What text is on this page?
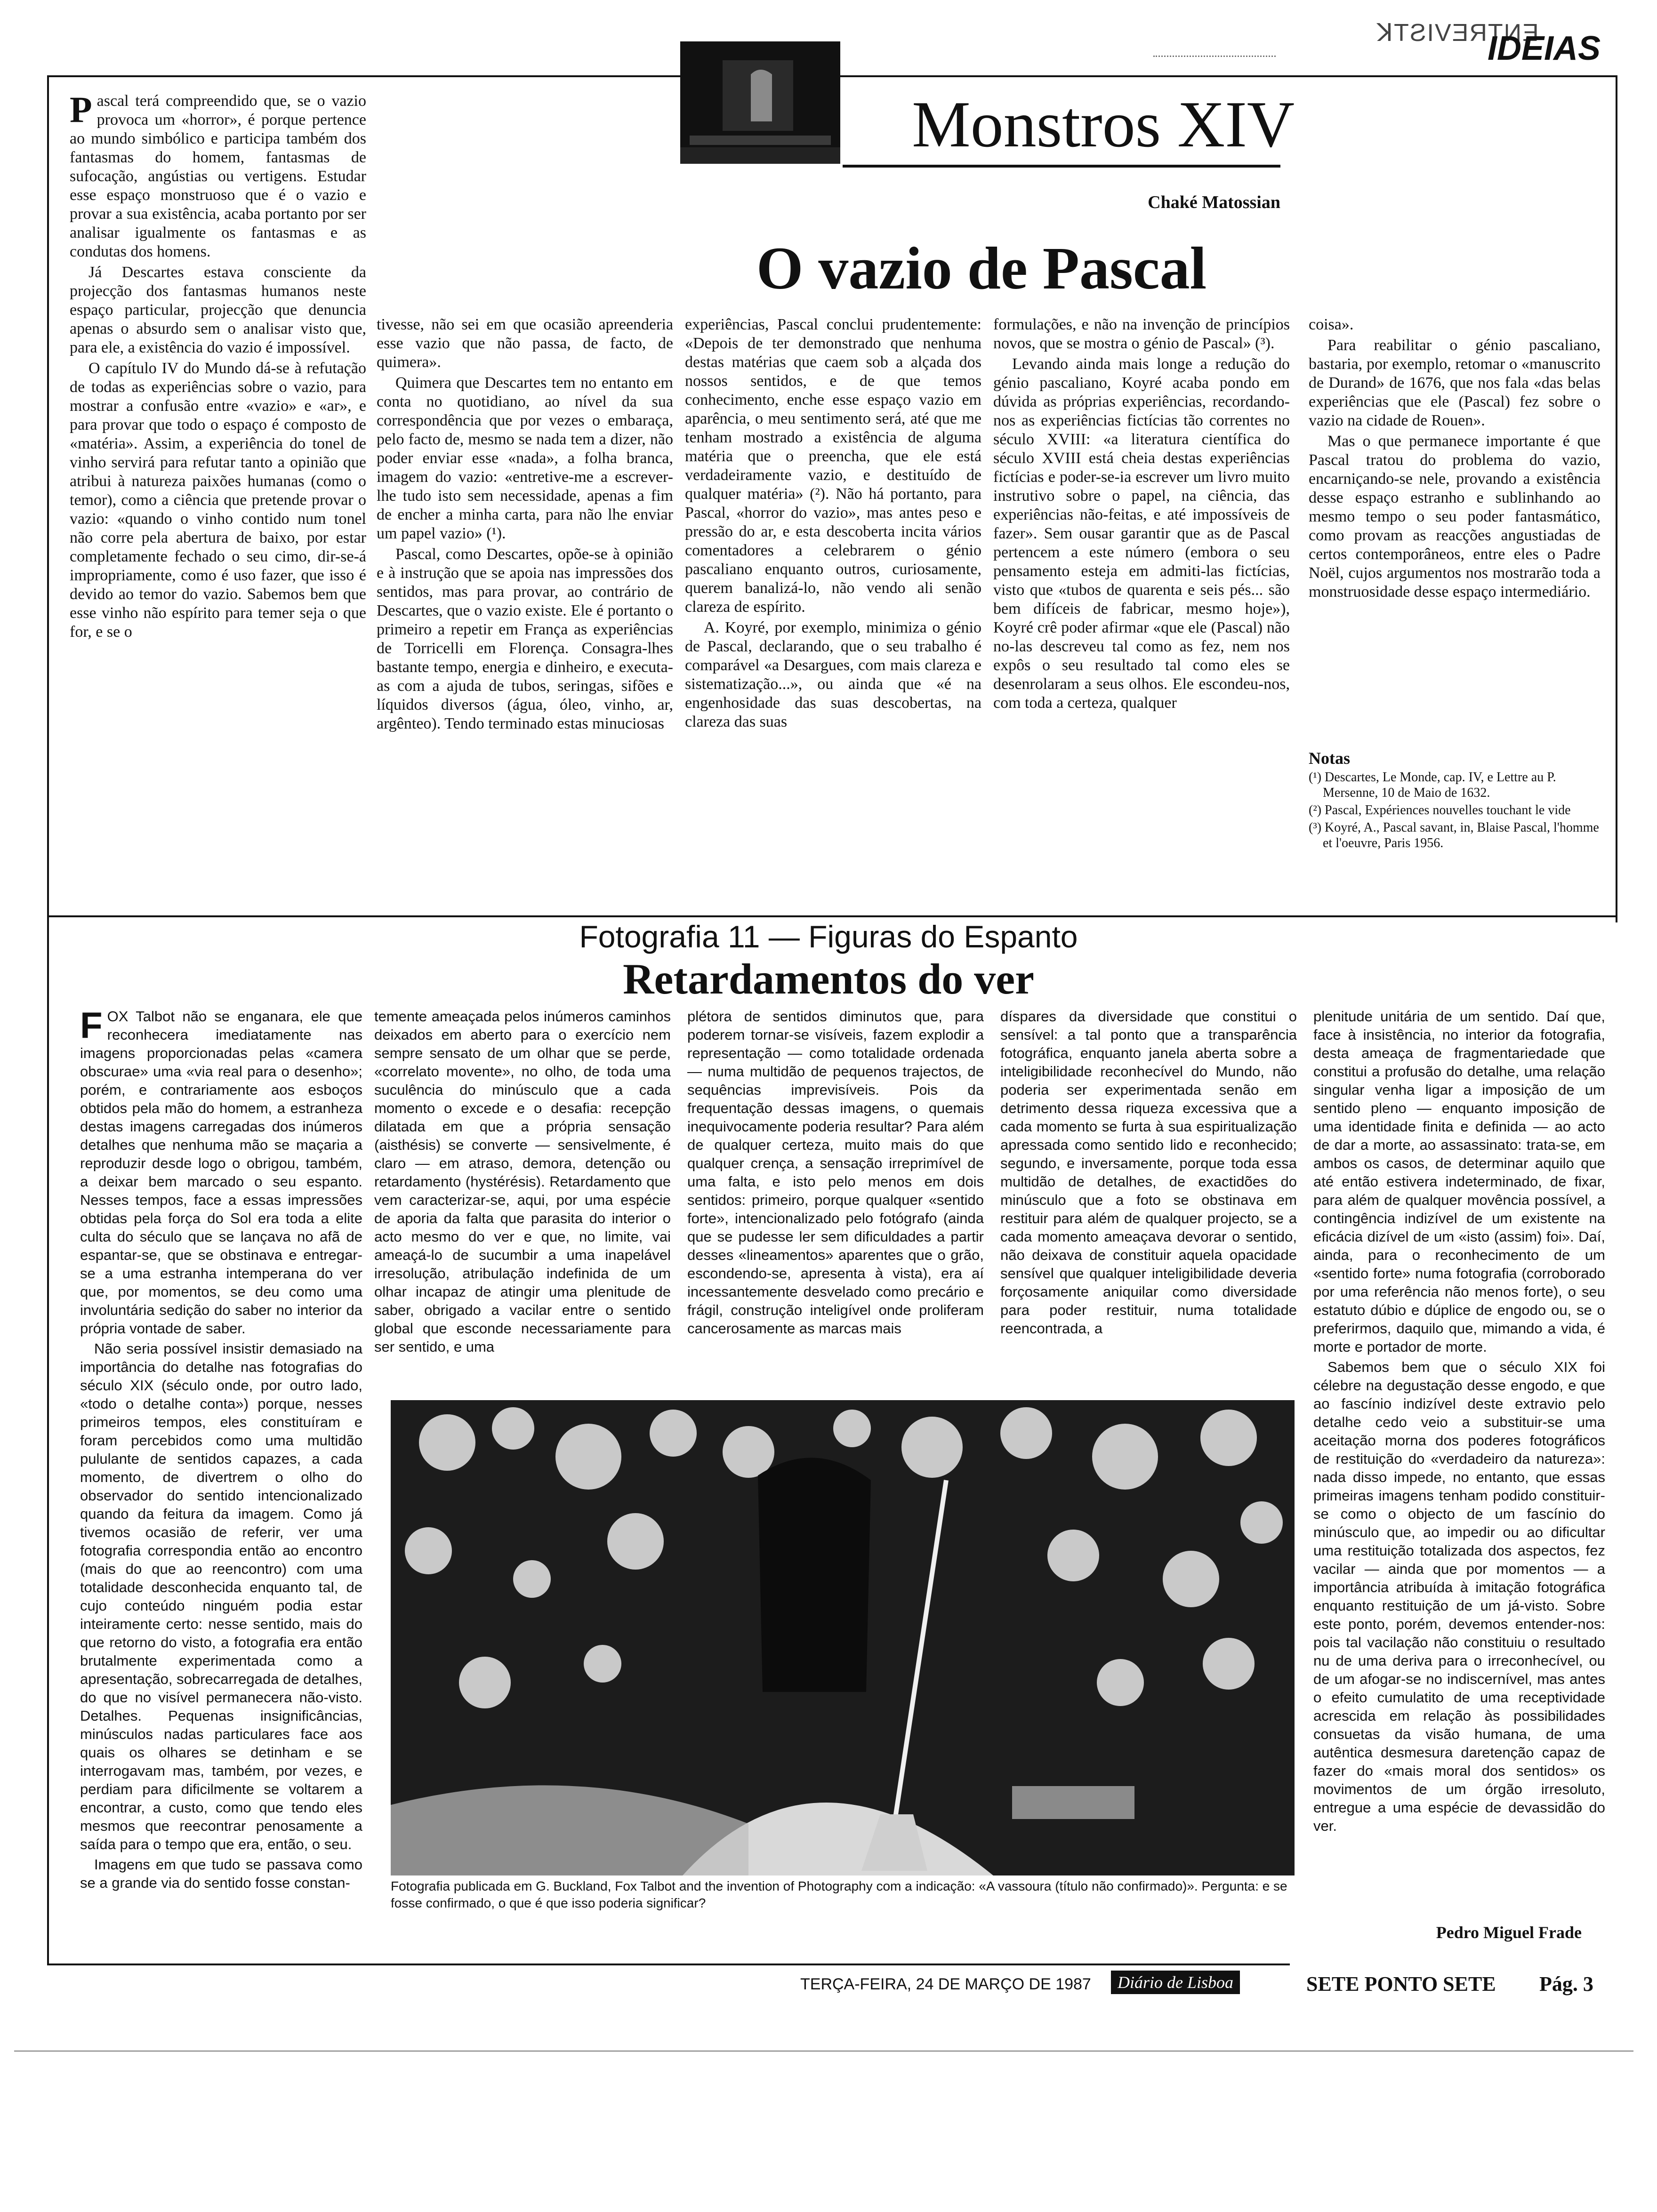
ꓘTƧIVƎЯTИƎ
IDEIAS
Monstros XIV
Chaké Matossian
O vazio de Pascal

Pascal terá compreendido que, se o vazio provoca um «horror», é porque pertence ao mundo simbólico e participa também dos fantasmas do homem, fantasmas de sufocação, angústias ou vertigens. Estudar esse espaço monstruoso que é o vazio e provar a sua existência, acaba portanto por ser analisar igualmente os fantasmas e as condutas dos homens.

Já Descartes estava consciente da projecção dos fantasmas humanos neste espaço particular, projecção que denuncia apenas o absurdo sem o analisar visto que, para ele, a existência do vazio é impossível.

O capítulo IV do Mundo dá-se à refutação de todas as experiências sobre o vazio, para mostrar a confusão entre «vazio» e «ar», e para provar que todo o espaço é composto de «matéria». Assim, a experiência do tonel de vinho servirá para refutar tanto a opinião que atribui à natureza paixões humanas (como o temor), como a ciência que pretende provar o vazio: «quando o vinho contido num tonel não corre pela abertura de baixo, por estar completamente fechado o seu cimo, dir-se-á impropriamente, como é uso fazer, que isso é devido ao temor do vazio. Sabemos bem que esse vinho não espírito para temer seja o que for, e se o

tivesse, não sei em que ocasião apreenderia esse vazio que não passa, de facto, de quimera».

Quimera que Descartes tem no entanto em conta no quotidiano, ao nível da sua correspondência que por vezes o embaraça, pelo facto de, mesmo se nada tem a dizer, não poder enviar esse «nada», a folha branca, imagem do vazio: «entretive-me a escrever-lhe tudo isto sem necessidade, apenas a fim de encher a minha carta, para não lhe enviar um papel vazio» (¹).

Pascal, como Descartes, opõe-se à opinião e à instrução que se apoia nas impressões dos sentidos, mas para provar, ao contrário de Descartes, que o vazio existe. Ele é portanto o primeiro a repetir em França as experiências de Torricelli em Florença. Consagra-lhes bastante tempo, energia e dinheiro, e executa-as com a ajuda de tubos, seringas, sifões e líquidos diversos (água, óleo, vinho, ar, argênteo). Tendo terminado estas minuciosas

experiências, Pascal conclui prudentemente: «Depois de ter demonstrado que nenhuma destas matérias que caem sob a alçada dos nossos sentidos, e de que temos conhecimento, enche esse espaço vazio em aparência, o meu sentimento será, até que me tenham mostrado a existência de alguma matéria que o preencha, que ele está verdadeiramente vazio, e destituído de qualquer matéria» (²). Não há portanto, para Pascal, «horror do vazio», mas antes peso e pressão do ar, e esta descoberta incita vários comentadores a celebrarem o génio pascaliano enquanto outros, curiosamente, querem banalizá-lo, não vendo ali senão clareza de espírito.

A. Koyré, por exemplo, minimiza o génio de Pascal, declarando, que o seu trabalho é comparável «a Desargues, com mais clareza e sistematização...», ou ainda que «é na engenhosidade das suas descobertas, na clareza das suas

formulações, e não na invenção de princípios novos, que se mostra o génio de Pascal» (³).

Levando ainda mais longe a redução do génio pascaliano, Koyré acaba pondo em dúvida as próprias experiências, recordando-nos as experiências fictícias tão correntes no século XVIII: «a literatura científica do século XVIII está cheia destas experiências fictícias e poder-se-ia escrever um livro muito instrutivo sobre o papel, na ciência, das experiências não-feitas, e até impossíveis de fazer». Sem ousar garantir que as de Pascal pertencem a este número (embora o seu pensamento esteja em admiti-las fictícias, visto que «tubos de quarenta e seis pés... são bem difíceis de fabricar, mesmo hoje»), Koyré crê poder afirmar «que ele (Pascal) não no-las descreveu tal como as fez, nem nos expôs o seu resultado tal como eles se desenrolaram a seus olhos. Ele escondeu-nos, com toda a certeza, qualquer

coisa».

Para reabilitar o génio pascaliano, bastaria, por exemplo, retomar o «manuscrito de Durand» de 1676, que nos fala «das belas experiências que ele (Pascal) fez sobre o vazio na cidade de Rouen».

Mas o que permanece importante é que Pascal tratou do problema do vazio, encarniçando-se nele, provando a existência desse espaço estranho e sublinhando ao mesmo tempo o seu poder fantasmático, como provam as reacções angustiadas de certos contemporâneos, entre eles o Padre Noël, cujos argumentos nos mostrarão toda a monstruosidade desse espaço intermediário.

Notas

(¹) Descartes, Le Monde, cap. IV, e Lettre au P. Mersenne, 10 de Maio de 1632.

(²) Pascal, Expériences nouvelles touchant le vide

(³) Koyré, A., Pascal savant, in, Blaise Pascal, l'homme et l'oeuvre, Paris 1956.

Fotografia 11 — Figuras do Espanto
Retardamentos do ver

FOX Talbot não se enganara, ele que reconhecera imediatamente nas imagens proporcionadas pelas «camera obscurae» uma «via real para o desenho»; porém, e contrariamente aos esboços obtidos pela mão do homem, a estranheza destas imagens carregadas dos inúmeros detalhes que nenhuma mão se maçaria a reproduzir desde logo o obrigou, também, a deixar bem marcado o seu espanto. Nesses tempos, face a essas impressões obtidas pela força do Sol era toda a elite culta do século que se lançava no afã de espantar-se, que se obstinava e entregar-se a uma estranha intemperana do ver que, por momentos, se deu como uma involuntária sedição do saber no interior da própria vontade de saber.

Não seria possível insistir demasiado na importância do detalhe nas fotografias do século XIX (século onde, por outro lado, «todo o detalhe conta») porque, nesses primeiros tempos, eles constituíram e foram percebidos como uma multidão pululante de sentidos capazes, a cada momento, de divertrem o olho do observador do sentido intencionalizado quando da feitura da imagem. Como já tivemos ocasião de referir, ver uma fotografia correspondia então ao encontro (mais do que ao reencontro) com uma totalidade desconhecida enquanto tal, de cujo conteúdo ninguém podia estar inteiramente certo: nesse sentido, mais do que retorno do visto, a fotografia era então brutalmente experimentada como a apresentação, sobrecarregada de detalhes, do que no visível permanecera não-visto. Detalhes. Pequenas insignificâncias, minúsculos nadas particulares face aos quais os olhares se detinham e se interrogavam mas, também, por vezes, e perdiam para dificilmente se voltarem a encontrar, a custo, como que tendo eles mesmos que reecontrar penosamente a saída para o tempo que era, então, o seu.

Imagens em que tudo se passava como se a grande via do sentido fosse constan-

temente ameaçada pelos inúmeros caminhos deixados em aberto para o exercício nem sempre sensato de um olhar que se perde, «correlato movente», no olho, de toda uma suculência do minúsculo que a cada momento o excede e o desafia: recepção dilatada em que a própria sensação (aisthésis) se converte — sensivelmente, é claro — em atraso, demora, detenção ou retardamento (hystérésis). Retardamento que vem caracterizar-se, aqui, por uma espécie de aporia da falta que parasita do interior o acto mesmo do ver e que, no limite, vai ameaçá-lo de sucumbir a uma inapelável irresolução, atribulação indefinida de um olhar incapaz de atingir uma plenitude de saber, obrigado a vacilar entre o sentido global que esconde necessariamente para ser sentido, e uma

plétora de sentidos diminutos que, para poderem tornar-se visíveis, fazem explodir a representação — como totalidade ordenada — numa multidão de pequenos trajectos, de sequências imprevisíveis. Pois da frequentação dessas imagens, o quemais inequivocamente poderia resultar? Para além de qualquer certeza, muito mais do que qualquer crença, a sensação irreprimível de uma falta, e isto pelo menos em dois sentidos: primeiro, porque qualquer «sentido forte», intencionalizado pelo fotógrafo (ainda que se pudesse ler sem dificuldades a partir desses «lineamentos» aparentes que o grão, escondendo-se, apresenta à vista), era aí incessantemente desvelado como precário e frágil, construção inteligível onde proliferam cancerosamente as marcas mais

díspares da diversidade que constitui o sensível: a tal ponto que a transparência fotográfica, enquanto janela aberta sobre a inteligibilidade reconhecível do Mundo, não poderia ser experimentada senão em detrimento dessa riqueza excessiva que a cada momento se furta à sua espiritualização apressada como sentido lido e reconhecido; segundo, e inversamente, porque toda essa multidão de detalhes, de exactidões do minúsculo que a foto se obstinava em restituir para além de qualquer projecto, se a cada momento ameaçava devorar o sentido, não deixava de constituir aquela opacidade sensível que qualquer inteligibilidade deveria forçosamente aniquilar como diversidade para poder restituir, numa totalidade reencontrada, a

plenitude unitária de um sentido. Daí que, face à insistência, no interior da fotografia, desta ameaça de fragmentariedade que constitui a profusão do detalhe, uma relação singular venha ligar a imposição de um sentido pleno — enquanto imposição de uma identidade finita e definida — ao acto de dar a morte, ao assassinato: trata-se, em ambos os casos, de determinar aquilo que até então estivera indeterminado, de fixar, para além de qualquer movência possível, a contingência indizível de um existente na eficácia dizível de um «isto (assim) foi». Daí, ainda, para o reconhecimento de um «sentido forte» numa fotografia (corroborado por uma referência não menos forte), o seu estatuto dúbio e dúplice de engodo ou, se o preferirmos, daquilo que, mimando a vida, é morte e portador de morte.

Sabemos bem que o século XIX foi célebre na degustação desse engodo, e que ao fascínio indizível deste extravio pelo detalhe cedo veio a substituir-se uma aceitação morna dos poderes fotográficos de restituição do «verdadeiro da natureza»: nada disso impede, no entanto, que essas primeiras imagens tenham podido constituir-se como o objecto de um fascínio do minúsculo que, ao impedir ou ao dificultar uma restituição totalizada dos aspectos, fez vacilar — ainda que por momentos — a importância atribuída à imitação fotográfica enquanto restituição de um já-visto. Sobre este ponto, porém, devemos entender-nos: pois tal vacilação não constituiu o resultado nu de uma deriva para o irreconhecível, ou de um afogar-se no indiscernível, mas antes o efeito cumulatito de uma receptividade acrescida em relação às possibilidades consuetas da visão humana, de uma autêntica desmesura daretenção capaz de fazer do «mais moral dos sentidos» os movimentos de um órgão irresoluto, entregue a uma espécie de devassidão do ver.

Fotografia publicada em G. Buckland, Fox Talbot and the invention of Photography com a indicação: «A vassoura (título não confirmado)». Pergunta: e se fosse confirmado, o que é que isso poderia significar?
Pedro Miguel Frade
TERÇA-FEIRA, 24 DE MARÇO DE 1987	Diário de Lisboa	SETE PONTO SETE Pág. 3
